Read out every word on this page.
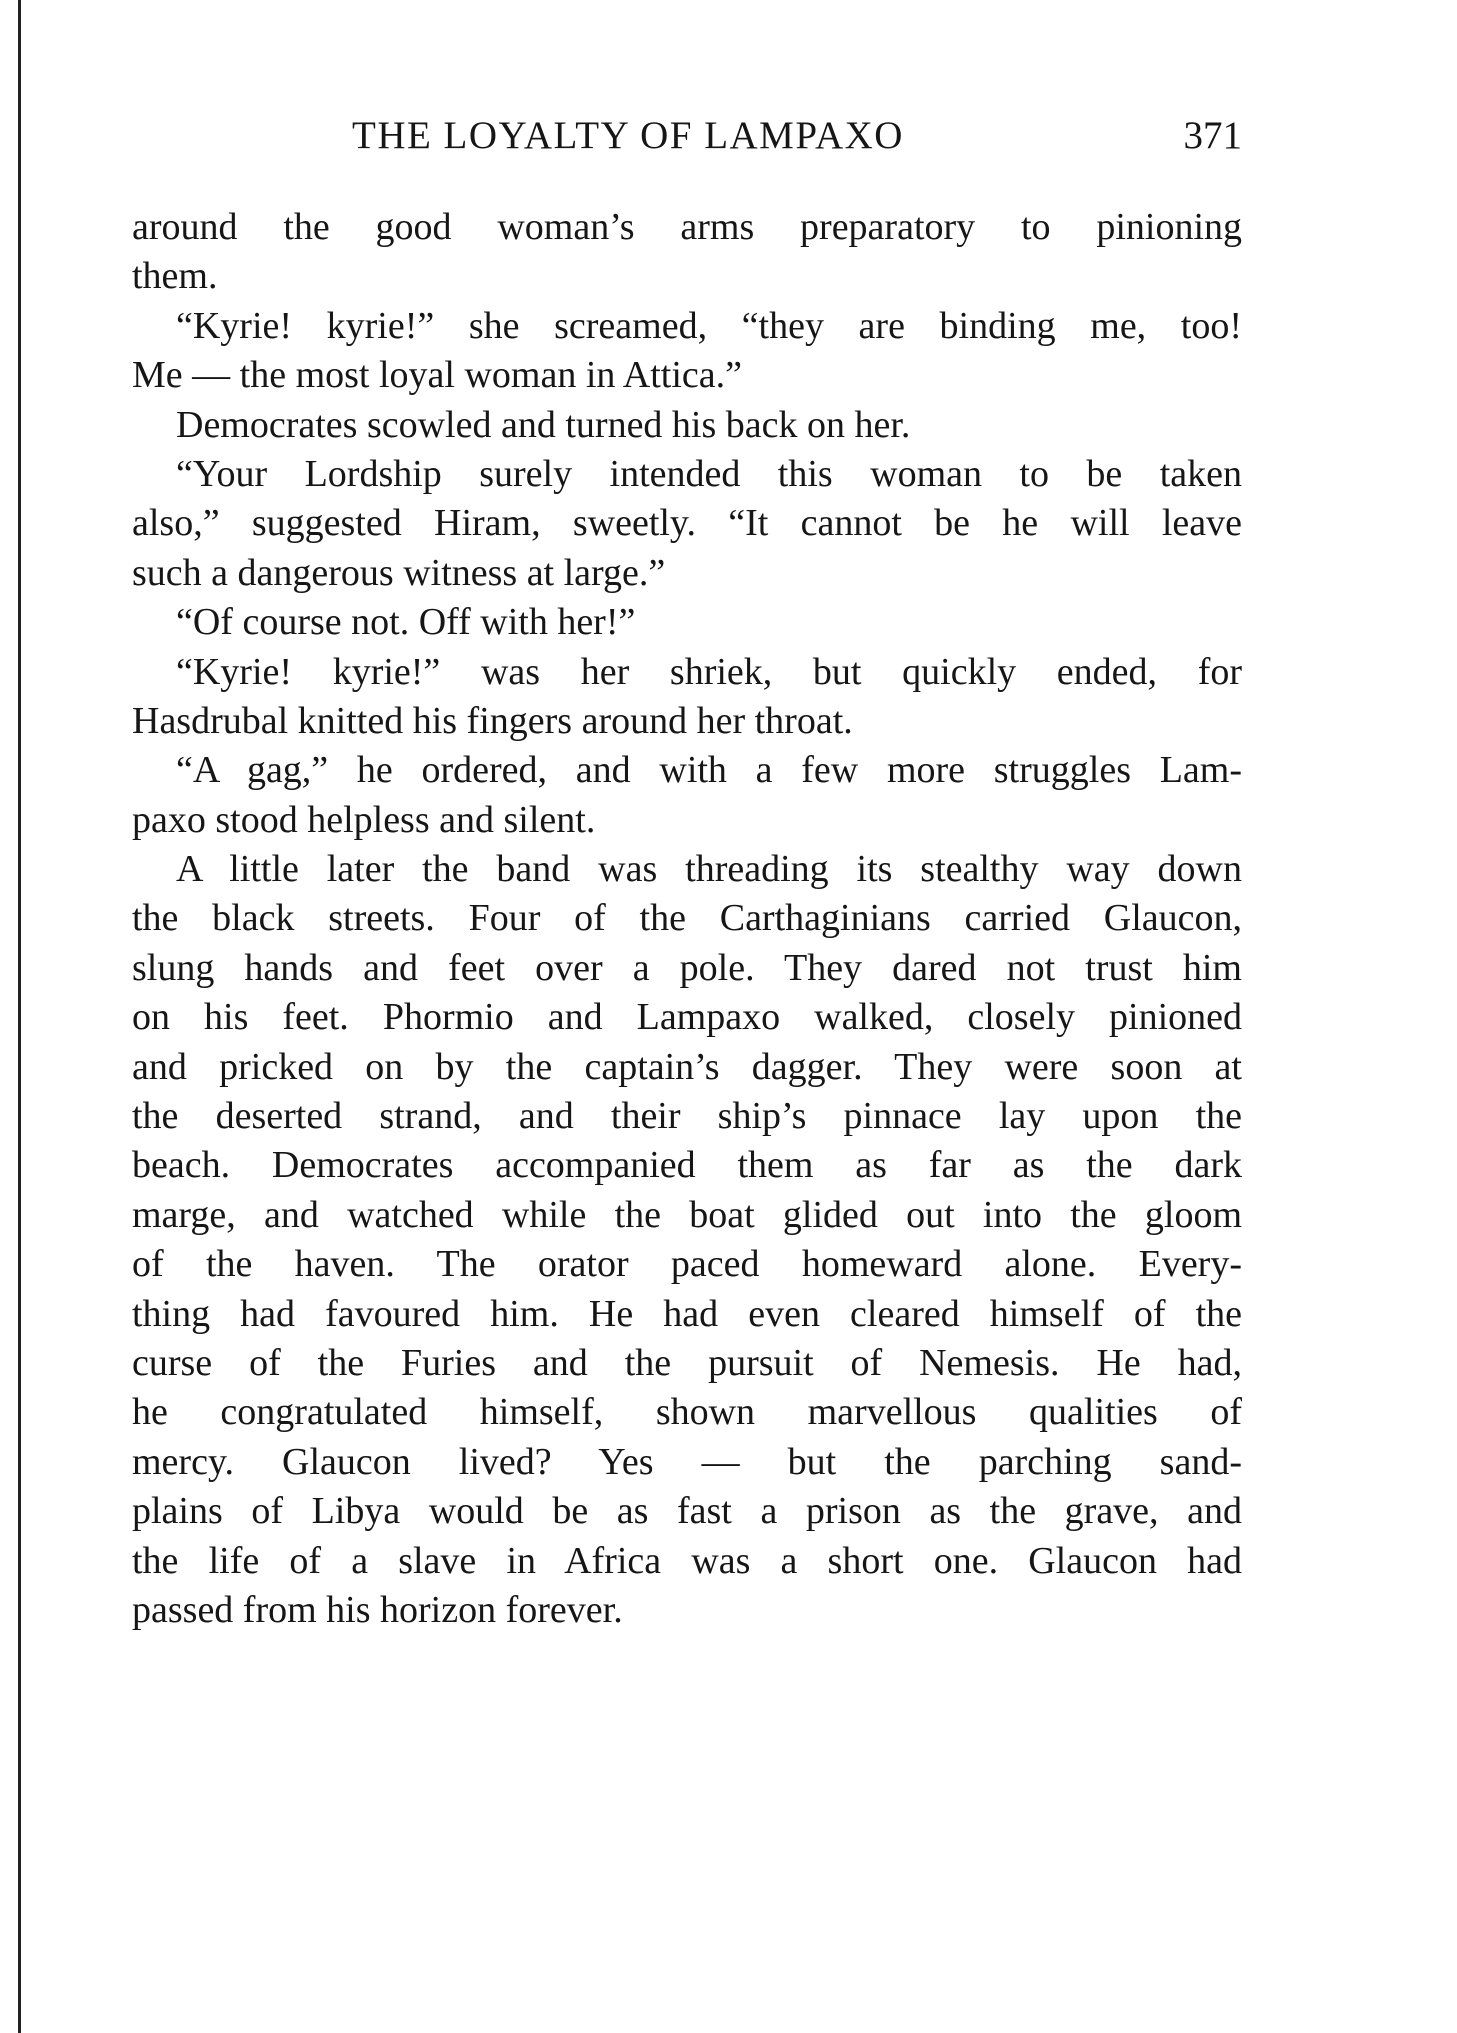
THE LOYALTY OF LAMPAXO	371
around the good woman’s arms preparatory to pinioning
them.
“Kyrie! kyrie!” she screamed, “they are binding me, too!
Me — the most loyal woman in Attica.”
Democrates scowled and turned his back on her.
“Your Lordship surely intended this woman to be taken
also,” suggested Hiram, sweetly. “It cannot be he will leave
such a dangerous witness at large.”
“Of course not. Off with her!”
“Kyrie! kyrie!” was her shriek, but quickly ended, for
Hasdrubal knitted his fingers around her throat.
“A gag,” he ordered, and with a few more struggles Lam-
paxo stood helpless and silent.
A little later the band was threading its stealthy way down
the black streets. Four of the Carthaginians carried Glaucon,
slung hands and feet over a pole. They dared not trust him
on his feet. Phormio and Lampaxo walked, closely pinioned
and pricked on by the captain’s dagger. They were soon at
the deserted strand, and their ship’s pinnace lay upon the
beach. Democrates accompanied them as far as the dark
marge, and watched while the boat glided out into the gloom
of the haven. The orator paced homeward alone. Every-
thing had favoured him. He had even cleared himself of the
curse of the Furies and the pursuit of Nemesis. He had,
he congratulated himself, shown marvellous qualities of
mercy. Glaucon lived? Yes — but the parching sand-
plains of Libya would be as fast a prison as the grave, and
the life of a slave in Africa was a short one. Glaucon had
passed from his horizon forever.
